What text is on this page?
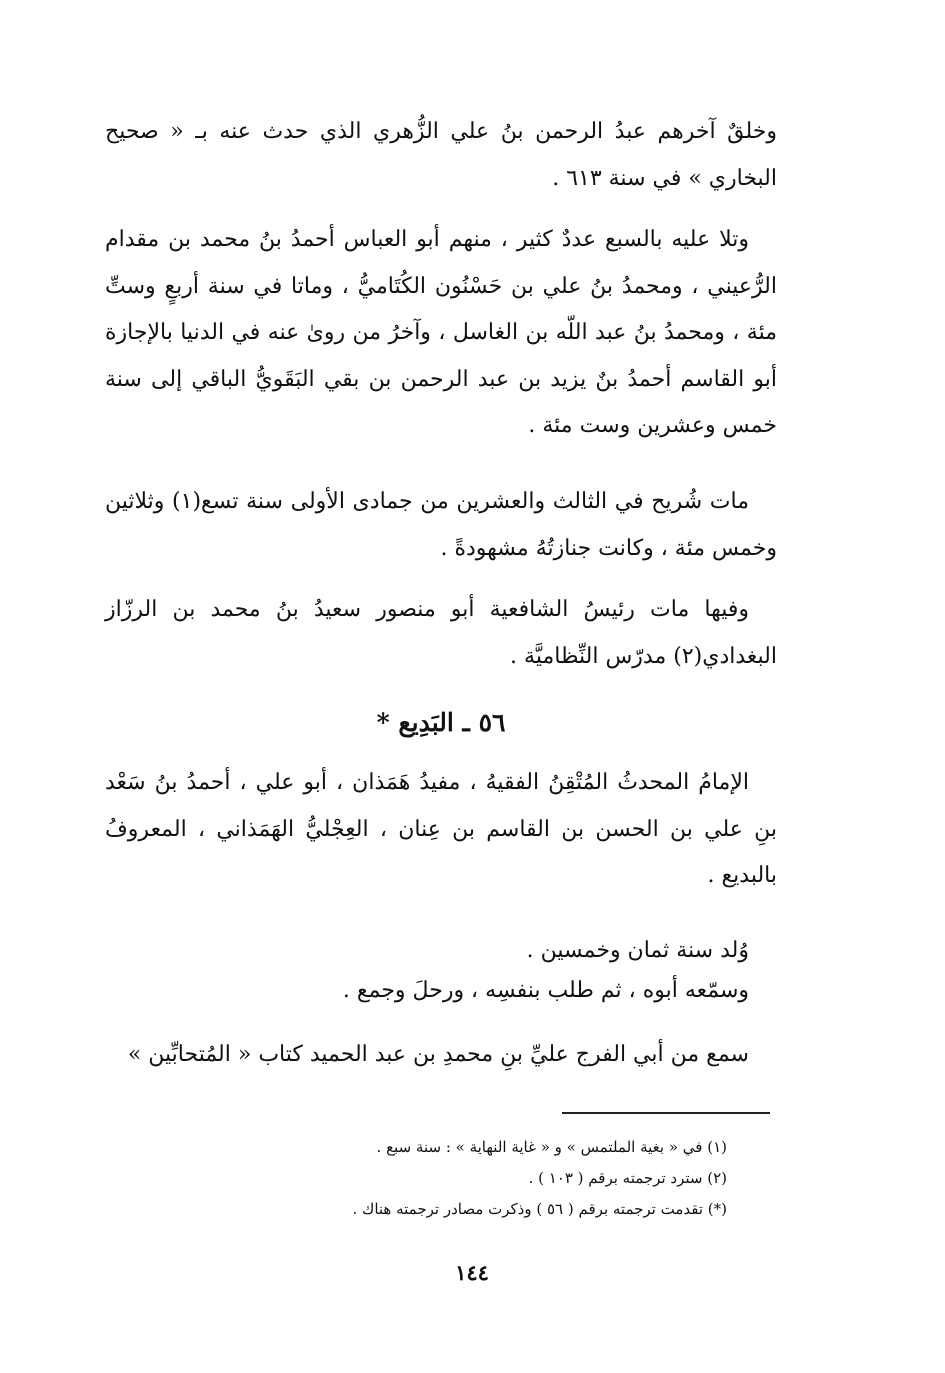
وخلقٌ آخرهم عبدُ الرحمن بنُ علي الزُّهري الذي حدث عنه بـ « صحيح البخاري » في سنة ٦١٣ .
وتلا عليه بالسبع عددٌ كثير ، منهم أبو العباس أحمدُ بنُ محمد بن مقدام الرُّعيني ، ومحمدُ بنُ علي بن حَسْنُون الكُتَاميُّ ، وماتا في سنة أربعٍ وستِّ مئة ، ومحمدُ بنُ عبد اللّه بن الغاسل ، وآخرُ من روىٰ عنه في الدنيا بالإجازة أبو القاسم أحمدُ بنٌ يزيد بن عبد الرحمن بن بقي البَقَويُّ الباقي إلى سنة خمس وعشرين وست مئة .
مات شُريح في الثالث والعشرين من جمادى الأولى سنة تسع(١) وثلاثين وخمس مئة ، وكانت جنازتُهُ مشهودةً .
وفيها مات رئيسُ الشافعية أبو منصور سعيدُ بنُ محمد بن الرزّاز البغدادي(٢) مدرّس النِّظاميَّة .
٥٦ ـ البَدِيع *
الإمامُ المحدثُ المُتْقِنُ الفقيهُ ، مفيدُ هَمَذان ، أبو علي ، أحمدُ بنُ سَعْد بنِ علي بن الحسن بن القاسم بن عِنان ، العِجْليُّ الهَمَذاني ، المعروفُ بالبديع .
وُلد سنة ثمان وخمسين .
وسمّعه أبوه ، ثم طلب بنفسِه ، ورحلَ وجمع .
سمع من أبي الفرج عليِّ بنِ محمدِ بن عبد الحميد كتاب « المُتحابِّين »
(١) في « بغية الملتمس » و « غاية النهاية » : سنة سبع .
(٢) سترد ترجمته برقم ( ١٠٣ ) .
(*) تقدمت ترجمته برقم ( ٥٦ ) وذكرت مصادر ترجمته هناك .
١٤٤
